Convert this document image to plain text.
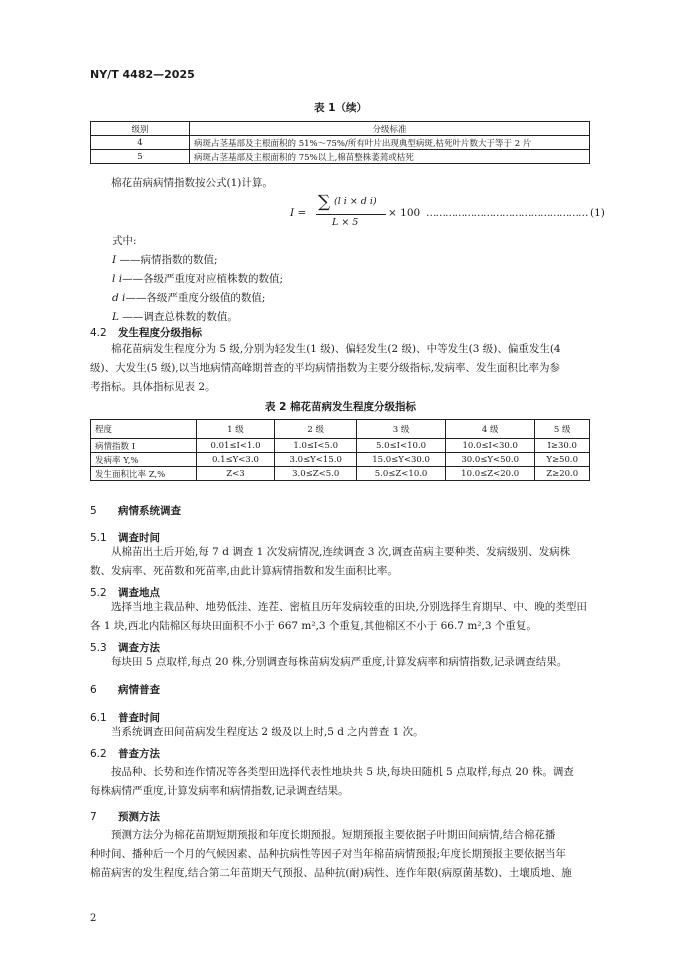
NY/T 4482—2025
表 1（续）
级别	分级标准
4	病斑占茎基部及主根面积的 51%～75%/所有叶片出现典型病斑,枯死叶片数大于等于 2 片
5	病斑占茎基部及主根面积的 75%以上,棉苗整株萎蔫或枯死
棉花苗病病情指数按公式(1)计算。
I =
∑ (l i × d i)
L × 5
× 100 …………………………………………… (1)
式中:
I ——病情指数的数值;
l i——各级严重度对应植株数的数值;
d i——各级严重度分级值的数值;
L ——调查总株数的数值。
4.2 发生程度分级指标
棉花苗病发生程度分为 5 级,分别为轻发生(1 级)、偏轻发生(2 级)、中等发生(3 级)、偏重发生(4
级)、大发生(5 级),以当地病情高峰期普查的平均病情指数为主要分级指标,发病率、发生面积比率为参
考指标。具体指标见表 2。
表 2 棉花苗病发生程度分级指标
程度	1 级	2 级	3 级	4 级	5 级
病情指数 I	0.01≤I<1.0	1.0≤I<5.0	5.0≤I<10.0	10.0≤I<30.0	I≥30.0
发病率 Y,%	0.1≤Y<3.0	3.0≤Y<15.0	15.0≤Y<30.0	30.0≤Y<50.0	Y≥50.0
发生面积比率 Z,%	Z<3	3.0≤Z<5.0	5.0≤Z<10.0	10.0≤Z<20.0	Z≥20.0
5 病情系统调查
5.1 调查时间
从棉苗出土后开始,每 7 d 调查 1 次发病情况,连续调查 3 次,调查苗病主要种类、发病级别、发病株
数、发病率、死苗数和死苗率,由此计算病情指数和发生面积比率。
5.2 调查地点
选择当地主栽品种、地势低洼、连茬、密植且历年发病较重的田块,分别选择生育期早、中、晚的类型田
各 1 块,西北内陆棉区每块田面积不小于 667 m²,3 个重复,其他棉区不小于 66.7 m²,3 个重复。
5.3 调查方法
每块田 5 点取样,每点 20 株,分别调查每株苗病发病严重度,计算发病率和病情指数,记录调查结果。
6 病情普查
6.1 普查时间
当系统调查田间苗病发生程度达 2 级及以上时,5 d 之内普查 1 次。
6.2 普查方法
按品种、长势和连作情况等各类型田选择代表性地块共 5 块,每块田随机 5 点取样,每点 20 株。调查
每株病情严重度,计算发病率和病情指数,记录调查结果。
7 预测方法
预测方法分为棉花苗期短期预报和年度长期预报。短期预报主要依据子叶期田间病情,结合棉花播
种时间、播种后一个月的气候因素、品种抗病性等因子对当年棉苗病情预报;年度长期预报主要依据当年
棉苗病害的发生程度,结合第二年苗期天气预报、品种抗(耐)病性、连作年限(病原菌基数)、土壤质地、施
2
